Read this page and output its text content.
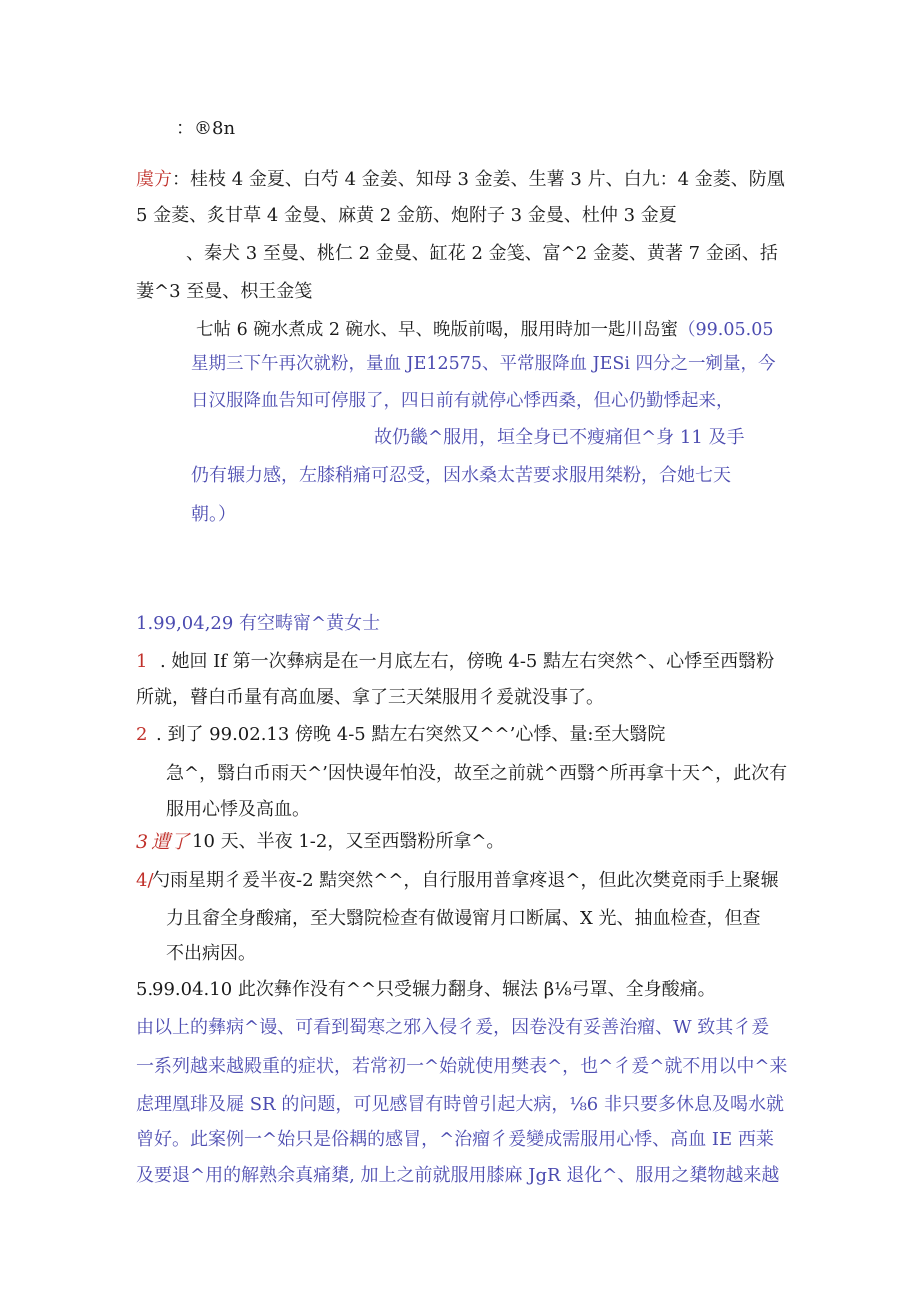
：®8n
虞方：桂枝 4 金夏、白芍 4 金姜、知母 3 金姜、生薯 3 片、白九：4 金菱、防凰
5 金菱、炙甘草 4 金曼、麻黄 2 金筋、炮附子 3 金曼、杜仲 3 金夏
、秦犬 3 至曼、桃仁 2 金曼、缸花 2 金笺、富^2 金菱、黄著 7 金函、括
萋^3 至曼、枳王金笺
七帖 6 碗水煮成 2 碗水、早、晚版前喝，服用時加一匙川岛蜜（99.05.05
星期三下午再次就粉，量血 JE12575、平常服降血 JESi 四分之一剜量，今
日汉服降血告知可停服了，四日前有就停心悸西桑，但心仍勤悸起来，
故仍畿^服用，垣全身已不瘦痛但^身 11 及手
仍有辗力感，左膝稍痛可忍受，因水桑太苦要求服用桀粉，合她七天
朝。）
1.99,04,29 有空畴甯^黄女士
1 . 她回 If 第一次彝病是在一月底左右，傍晚 4-5 黠左右突然^、心悸至西翳粉
所就，瞽白币量有高血屡、拿了三天桀服用彳爰就没事了。
2 . 到了 99.02.13 傍晚 4-5 黠左右突然又^^’心悸、量:至大翳院
急^，翳白币雨天^’因快谩年怕没，故至之前就^西翳^所再拿十天^，此次有
服用心悸及高血。
3 遭了 10 天、半夜 1-2，又至西翳粉所拿^。
4/
勺雨星期彳爰半夜-2 黠突然^^，自行服用普拿疼退^，但此次樊竟雨手上聚辗
力且畲全身酸痛，至大翳院检查有做谩甯月口断属、X 光、抽血检查，但查
不出病因。
5.
99.04.10 此次彝作没有^^只受辗力翻身、辗法 β⅛弓罩、全身酸痛。
由以上的彝病^谩、可看到蜀寒之邪入侵彳爰，因卷没有妥善治瘤、W 致其彳爰
一系列越来越殿重的症状，若常初一^始就使用樊表^，也^彳爰^就不用以中^来
虑理凰琲及屣 SR 的问题，可见感冒有時曾引起大病，⅛6 非只要多休息及喝水就
曾好。此案例一^始只是俗耦的感冒，^治瘤彳爰變成需服用心悸、高血 IE 西莱
及要退^用的解熟余真痛橥, 加上之前就服用膝麻 JgR 退化^、服用之橥物越来越
